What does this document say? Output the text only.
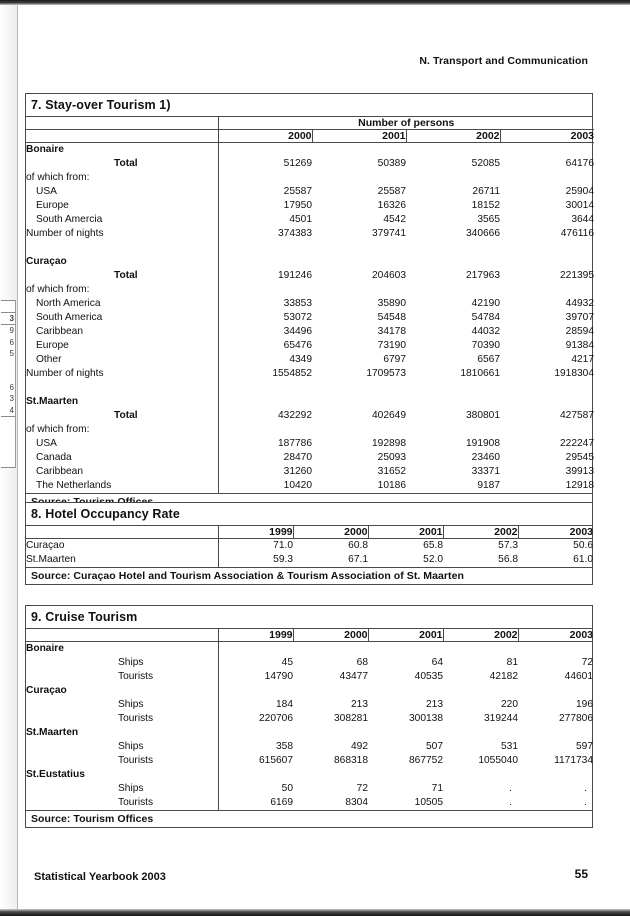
3
9
6
5
6
3
4
N. Transport and Communication
7. Stay-over Tourism 1)
	Number of persons			
	2000	2001	2002	2003
Bonaire				
Total	51269	50389	52085	64176
of which from:				
USA	25587	25587	26711	25904
Europe	17950	16326	18152	30014
South Amercia	4501	4542	3565	3644
Number of nights	374383	379741	340666	476116

Curaçao				
Total	191246	204603	217963	221395
of which from:				
North America	33853	35890	42190	44932
South America	53072	54548	54784	39707
Caribbean	34496	34178	44032	28594
Europe	65476	73190	70390	91384
Other	4349	6797	6567	4217
Number of nights	1554852	1709573	1810661	1918304

St.Maarten				
Total	432292	402649	380801	427587
of which from:				
USA	187786	192898	191908	222247
Canada	28470	25093	23460	29545
Caribbean	31260	31652	33371	39913
The Netherlands	10420	10186	9187	12918
8. Hotel Occupancy Rate
	1999	2000	2001	2002	2003
Curaçao	71.0	60.8	65.8	57.3	50.6
St.Maarten	59.3	67.1	52.0	56.8	61.0
Source: Curaçao Hotel and Tourism Association & Tourism Association of St. Maarten
9. Cruise Tourism
	1999	2000	2001	2002	2003
Bonaire					
Ships	45	68	64	81	72
Tourists	14790	43477	40535	42182	44601
Curaçao					
Ships	184	213	213	220	196
Tourists	220706	308281	300138	319244	277806
St.Maarten					
Ships	358	492	507	531	597
Tourists	615607	868318	867752	1055040	1171734
St.Eustatius					
Ships	50	72	71	.	.
Tourists	6169	8304	10505	.	.
Source: Tourism Offices
Statistical Yearbook 2003	55
